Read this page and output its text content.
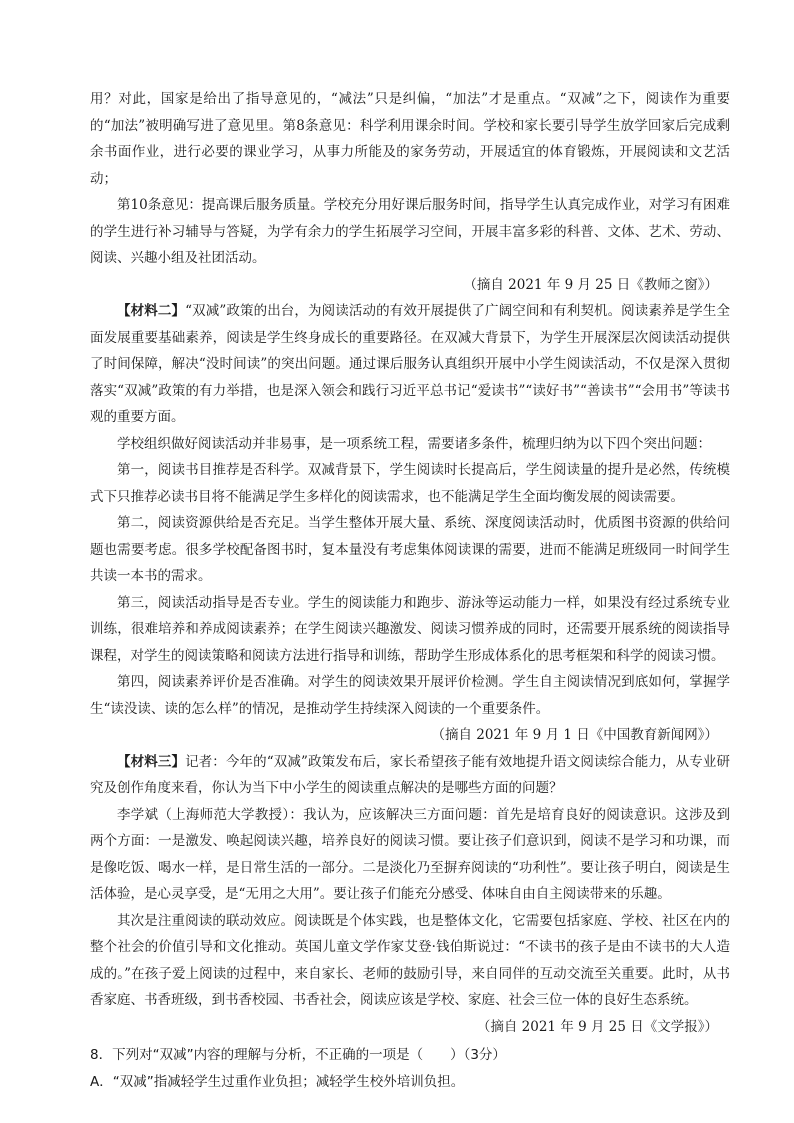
用？对此，国家是给出了指导意见的，“减法”只是纠偏，“加法”才是重点。“双减”之下，阅读作为重要的“加法”被明确写进了意见里。第8条意见：科学利用课余时间。学校和家长要引导学生放学回家后完成剩余书面作业，进行必要的课业学习，从事力所能及的家务劳动，开展适宜的体育锻炼，开展阅读和文艺活动；

第10条意见：提高课后服务质量。学校充分用好课后服务时间，指导学生认真完成作业，对学习有困难的学生进行补习辅导与答疑，为学有余力的学生拓展学习空间，开展丰富多彩的科普、文体、艺术、劳动、阅读、兴趣小组及社团活动。

（摘自 2021 年 9 月 25 日《教师之窗》）

【材料二】“双减”政策的出台，为阅读活动的有效开展提供了广阔空间和有利契机。阅读素养是学生全面发展重要基础素养，阅读是学生终身成长的重要路径。在双减大背景下，为学生开展深层次阅读活动提供了时间保障，解决“没时间读”的突出问题。通过课后服务认真组织开展中小学生阅读活动，不仅是深入贯彻落实“双减”政策的有力举措，也是深入领会和践行习近平总书记“爱读书”“读好书”“善读书”“会用书”等读书观的重要方面。

学校组织做好阅读活动并非易事，是一项系统工程，需要诸多条件，梳理归纳为以下四个突出问题：

第一，阅读书目推荐是否科学。双减背景下，学生阅读时长提高后，学生阅读量的提升是必然，传统模式下只推荐必读书目将不能满足学生多样化的阅读需求，也不能满足学生全面均衡发展的阅读需要。

第二，阅读资源供给是否充足。当学生整体开展大量、系统、深度阅读活动时，优质图书资源的供给问题也需要考虑。很多学校配备图书时，复本量没有考虑集体阅读课的需要，进而不能满足班级同一时间学生共读一本书的需求。

第三，阅读活动指导是否专业。学生的阅读能力和跑步、游泳等运动能力一样，如果没有经过系统专业训练，很难培养和养成阅读素养；在学生阅读兴趣激发、阅读习惯养成的同时，还需要开展系统的阅读指导课程，对学生的阅读策略和阅读方法进行指导和训练，帮助学生形成体系化的思考框架和科学的阅读习惯。

第四，阅读素养评价是否准确。对学生的阅读效果开展评价检测。学生自主阅读情况到底如何，掌握学生“读没读、读的怎么样”的情况，是推动学生持续深入阅读的一个重要条件。

（摘自 2021 年 9 月 1 日《中国教育新闻网》）

【材料三】记者：今年的“双减”政策发布后，家长希望孩子能有效地提升语文阅读综合能力，从专业研究及创作角度来看，你认为当下中小学生的阅读重点解决的是哪些方面的问题？

李学斌（上海师范大学教授）：我认为，应该解决三方面问题：首先是培育良好的阅读意识。这涉及到两个方面：一是激发、唤起阅读兴趣，培养良好的阅读习惯。要让孩子们意识到，阅读不是学习和功课，而是像吃饭、喝水一样，是日常生活的一部分。二是淡化乃至摒弃阅读的“功利性”。要让孩子明白，阅读是生活体验，是心灵享受，是“无用之大用”。要让孩子们能充分感受、体味自由自主阅读带来的乐趣。

其次是注重阅读的联动效应。阅读既是个体实践，也是整体文化，它需要包括家庭、学校、社区在内的整个社会的价值引导和文化推动。英国儿童文学作家艾登·钱伯斯说过：“不读书的孩子是由不读书的大人造成的。”在孩子爱上阅读的过程中，来自家长、老师的鼓励引导，来自同伴的互动交流至关重要。此时，从书香家庭、书香班级，到书香校园、书香社会，阅读应该是学校、家庭、社会三位一体的良好生态系统。

（摘自 2021 年 9 月 25 日《文学报》）

8．下列对“双减”内容的理解与分析，不正确的一项是（　　）（3分）

A．“双减”指减轻学生过重作业负担；减轻学生校外培训负担。
